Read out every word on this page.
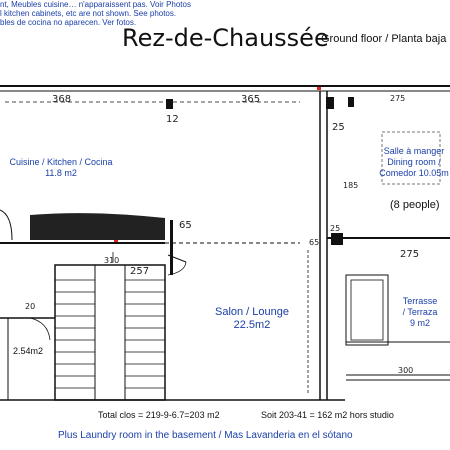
nt, Meubles cuisine… n'apparaissent pas. Voir Photos
l kitchen cabinets, etc are not shown. See photos.
bles de cocina no aparecen. Ver fotos.
Rez-de-Chaussée
Ground floor / Planta baja
368	365	275
12
25
185
65	25
65
275
310
257
20
300
Cuisine / Kitchen / Cocina
11.8 m2
Salle à manger
Dining room /
Comedor 10.05m
(8 people)
Salon / Lounge
22.5m2
Terrasse
/ Terraza
9 m2
2.54m2
Total clos = 219-9-6.7=203 m2	Soit 203-41 = 162 m2 hors studio
Plus Laundry room in the basement / Mas Lavanderia en el sótano
